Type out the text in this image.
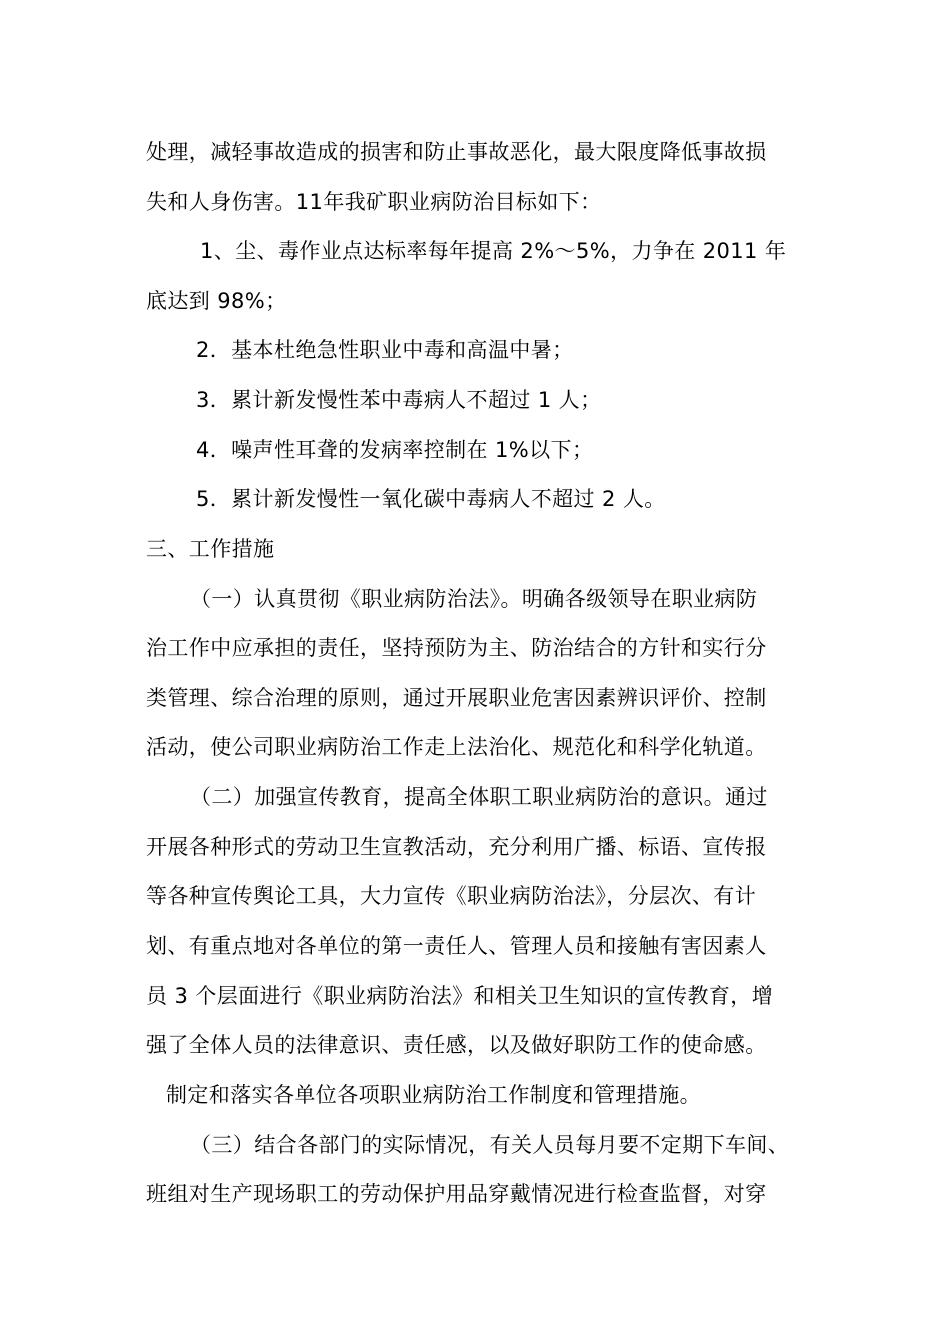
处理，减轻事故造成的损害和防止事故恶化，最大限度降低事故损
失和人身伤害。11年我矿职业病防治目标如下：
1、尘、毒作业点达标率每年提高 2%～5%，力争在 2011 年
底达到 98%；
2．基本杜绝急性职业中毒和高温中暑；
3．累计新发慢性苯中毒病人不超过 1 人；
4．噪声性耳聋的发病率控制在 1%以下；
5．累计新发慢性一氧化碳中毒病人不超过 2 人。
三、工作措施
（一）认真贯彻《职业病防治法》。明确各级领导在职业病防
治工作中应承担的责任，坚持预防为主、防治结合的方针和实行分
类管理、综合治理的原则，通过开展职业危害因素辨识评价、控制
活动，使公司职业病防治工作走上法治化、规范化和科学化轨道。
（二）加强宣传教育，提高全体职工职业病防治的意识。通过
开展各种形式的劳动卫生宣教活动，充分利用广播、标语、宣传报
等各种宣传舆论工具，大力宣传《职业病防治法》，分层次、有计
划、有重点地对各单位的第一责任人、管理人员和接触有害因素人
员 3 个层面进行《职业病防治法》和相关卫生知识的宣传教育，增
强了全体人员的法律意识、责任感，以及做好职防工作的使命感。
制定和落实各单位各项职业病防治工作制度和管理措施。
（三）结合各部门的实际情况，有关人员每月要不定期下车间、
班组对生产现场职工的劳动保护用品穿戴情况进行检查监督，对穿
